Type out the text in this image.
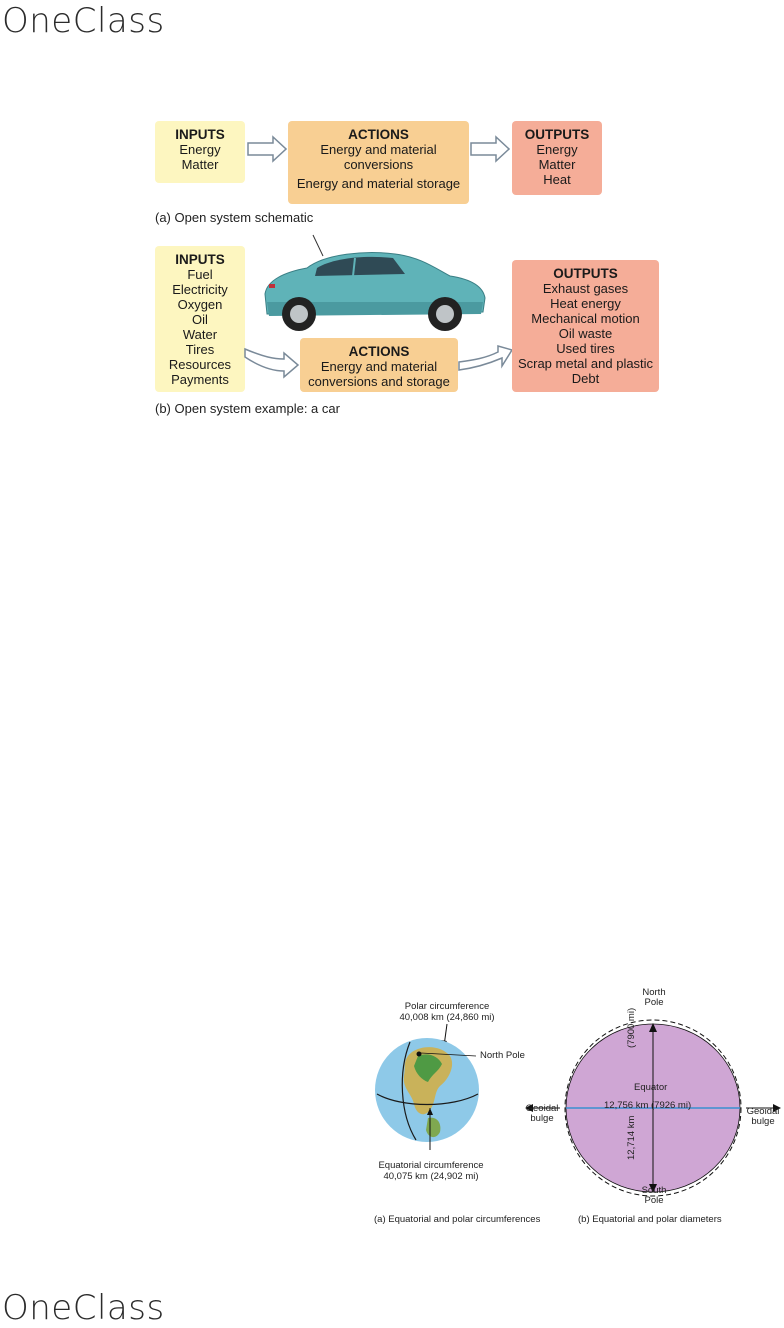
OneClass
INPUTS
Energy
Matter
ACTIONS
Energy and material
conversions
Energy and material storage
OUTPUTS
Energy
Matter
Heat
(a) Open system schematic
INPUTS
Fuel
Electricity
Oxygen
Oil
Water
Tires
Resources
Payments
ACTIONS
Energy and material
conversions and storage
OUTPUTS
Exhaust gases
Heat energy
Mechanical motion
Oil waste
Used tires
Scrap metal and plastic
Debt
(b) Open system example: a car
Polar circumference
40,008 km (24,860 mi)
North Pole
Equatorial circumference
40,075 km (24,902 mi)
(a) Equatorial and polar circumferences
North
Pole
(7900 mi)
12,714 km
Equator
12,756 km (7926 mi)
Geoidal
bulge
Geoidal
bulge
South
Pole
(b) Equatorial and polar diameters
OneClass
